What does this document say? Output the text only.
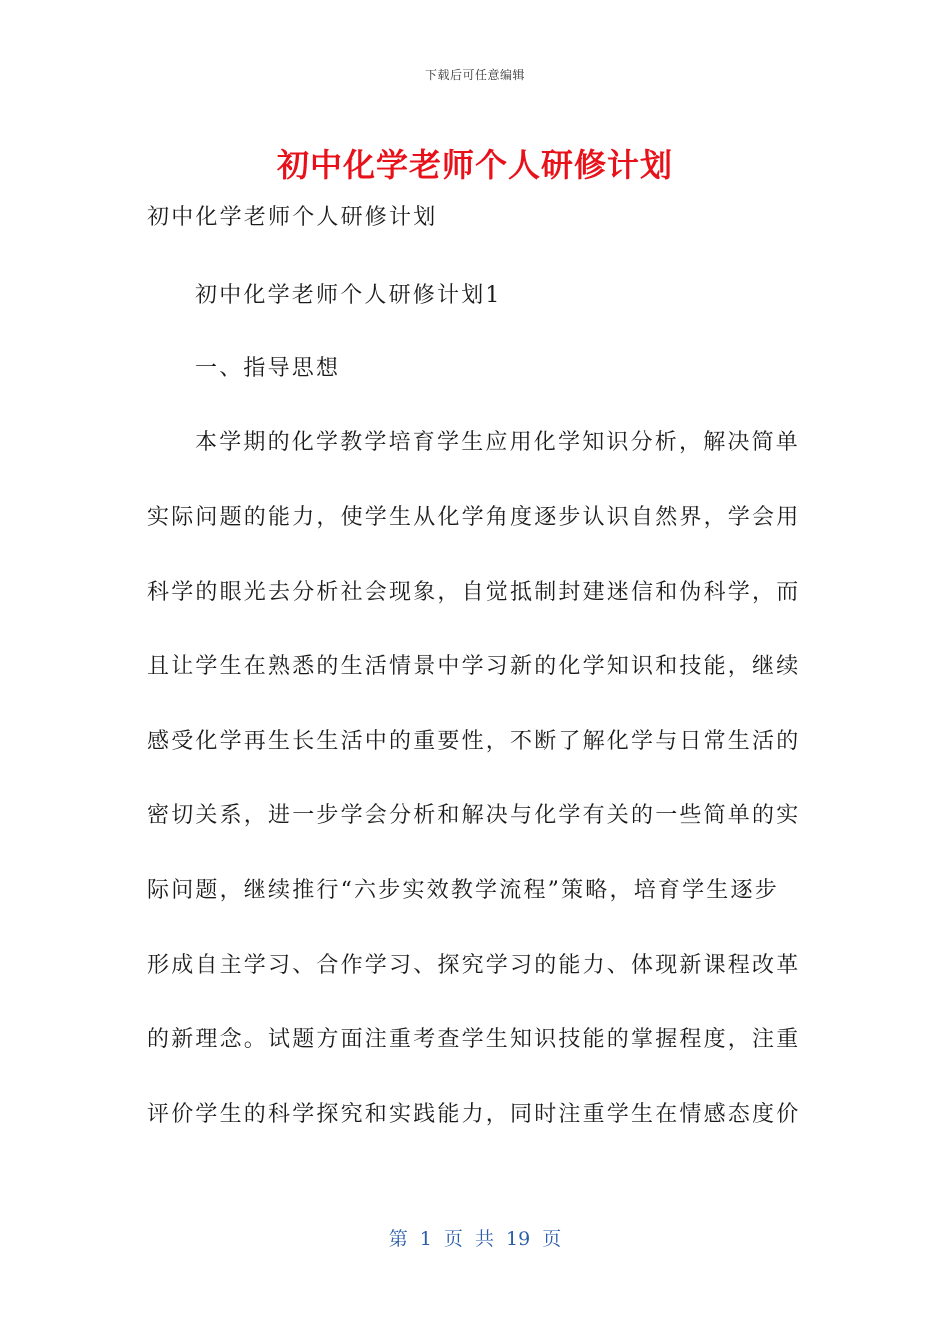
下载后可任意编辑
初中化学老师个人研修计划
初中化学老师个人研修计划
初中化学老师个人研修计划1
一、指导思想
本学期的化学教学培育学生应用化学知识分析，解决简单
实际问题的能力，使学生从化学角度逐步认识自然界，学会用
科学的眼光去分析社会现象，自觉抵制封建迷信和伪科学，而
且让学生在熟悉的生活情景中学习新的化学知识和技能，继续
感受化学再生长生活中的重要性，不断了解化学与日常生活的
密切关系，进一步学会分析和解决与化学有关的一些简单的实
际问题，继续推行“六步实效教学流程”策略，培育学生逐步
形成自主学习、合作学习、探究学习的能力、体现新课程改革
的新理念。试题方面注重考查学生知识技能的掌握程度，注重
评价学生的科学探究和实践能力，同时注重学生在情感态度价
第 1 页 共 19 页
